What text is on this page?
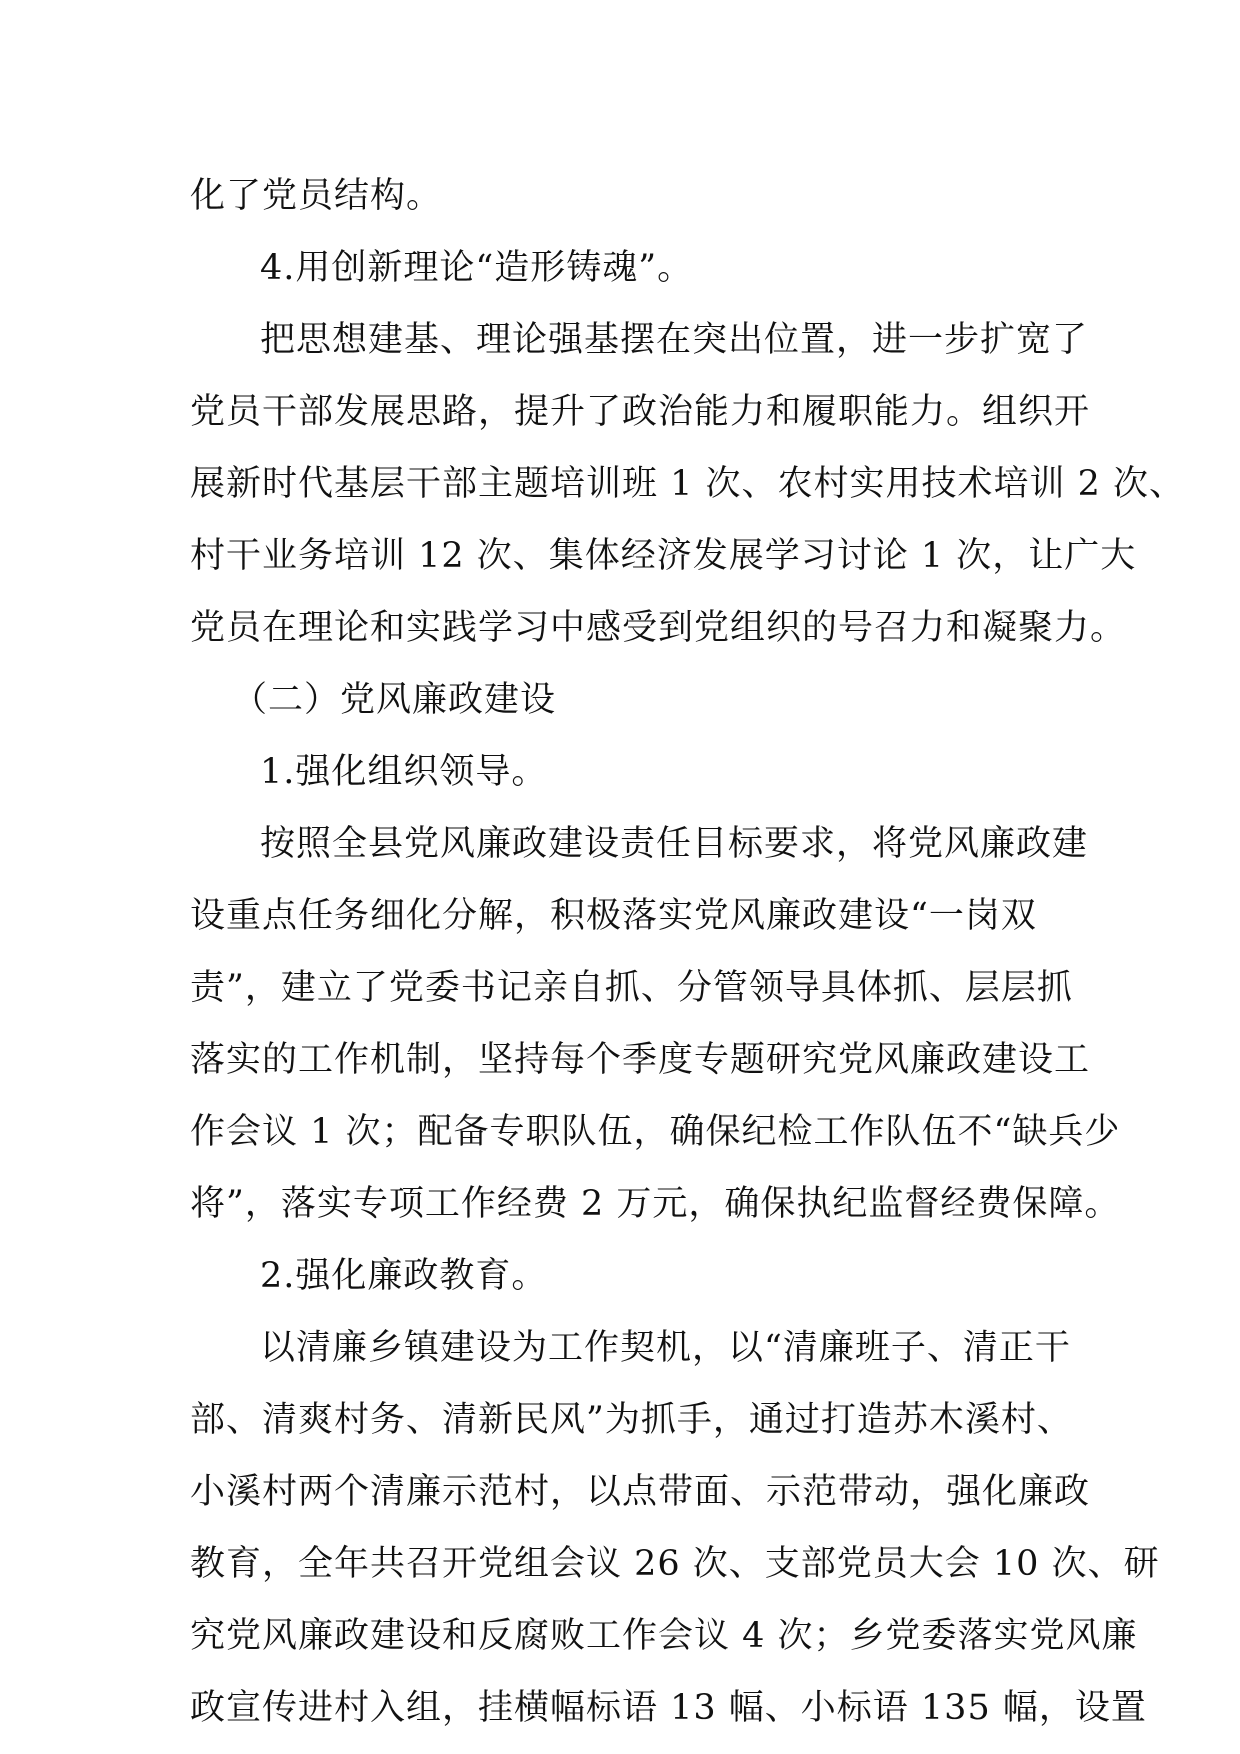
化了党员结构。
4.用创新理论“造形铸魂”。
把思想建基、理论强基摆在突出位置，进一步扩宽了
党员干部发展思路，提升了政治能力和履职能力。组织开
展新时代基层干部主题培训班 1 次、农村实用技术培训 2 次、
村干业务培训 12 次、集体经济发展学习讨论 1 次，让广大
党员在理论和实践学习中感受到党组织的号召力和凝聚力。
（二）党风廉政建设
1.强化组织领导。
按照全县党风廉政建设责任目标要求，将党风廉政建
设重点任务细化分解，积极落实党风廉政建设“一岗双
责”，建立了党委书记亲自抓、分管领导具体抓、层层抓
落实的工作机制，坚持每个季度专题研究党风廉政建设工
作会议 1 次；配备专职队伍，确保纪检工作队伍不“缺兵少
将”，落实专项工作经费 2 万元，确保执纪监督经费保障。
2.强化廉政教育。
以清廉乡镇建设为工作契机，以“清廉班子、清正干
部、清爽村务、清新民风”为抓手，通过打造苏木溪村、
小溪村两个清廉示范村，以点带面、示范带动，强化廉政
教育，全年共召开党组会议 26 次、支部党员大会 10 次、研
究党风廉政建设和反腐败工作会议 4 次；乡党委落实党风廉
政宣传进村入组，挂横幅标语 13 幅、小标语 135 幅，设置
